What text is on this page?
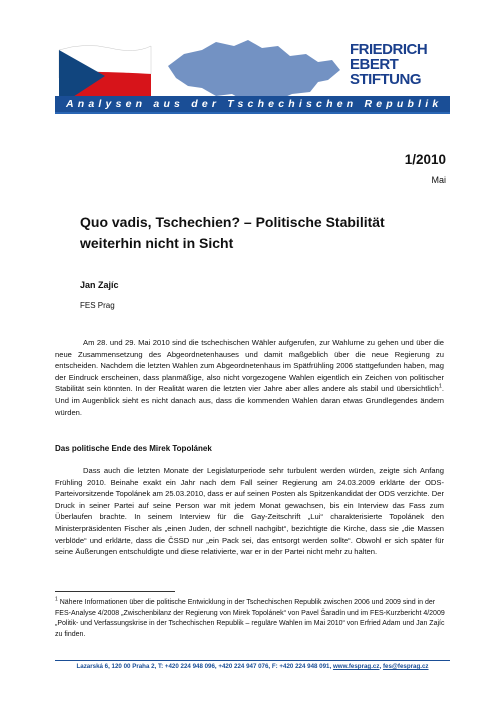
FRIEDRICH
EBERT
STIFTUNG
Analysen aus der Tschechischen Republik
1/2010
Mai
Quo vadis, Tschechien? – Politische Stabilität weiterhin nicht in Sicht
Jan Zajíc
FES Prag
Am 28. und 29. Mai 2010 sind die tschechischen Wähler aufgerufen, zur Wahlurne zu gehen und über die neue Zusammensetzung des Abgeordnetenhauses und damit maßgeblich über die neue Regierung zu entscheiden. Nachdem die letzten Wahlen zum Abgeordnetenhaus im Spätfrühling 2006 stattgefunden haben, mag der Eindruck erscheinen, dass planmäßige, also nicht vorgezogene Wahlen eigentlich ein Zeichen von politischer Stabilität sein könnten. In der Realität waren die letzten vier Jahre aber alles andere als stabil und übersichtlich$^1$. Und im Augenblick sieht es nicht danach aus, dass die kommenden Wahlen daran etwas Grundlegendes ändern würden.
Das politische Ende des Mirek Topolánek
Dass auch die letzten Monate der Legislaturperiode sehr turbulent werden würden, zeigte sich Anfang Frühling 2010. Beinahe exakt ein Jahr nach dem Fall seiner Regierung am 24.03.2009 erklärte der ODS-Parteivorsitzende Topolánek am 25.03.2010, dass er auf seinen Posten als Spitzenkandidat der ODS verzichte. Der Druck in seiner Partei auf seine Person war mit jedem Monat gewachsen, bis ein Interview das Fass zum Überlaufen brachte. In seinem Interview für die Gay-Zeitschrift „Lui“ charakterisierte Topolánek den Ministerpräsidenten Fischer als „einen Juden, der schnell nachgibt“, bezichtigte die Kirche, dass sie „die Massen verblöde“ und erklärte, dass die ČSSD nur „ein Pack sei, das entsorgt werden sollte“. Obwohl er sich später für seine Äußerungen entschuldigte und diese relativierte, war er in der Partei nicht mehr zu halten.
$^1$ Nähere Informationen über die politische Entwicklung in der Tschechischen Republik zwischen 2006 und 2009 sind in der FES-Analyse 4/2008 „Zwischenbilanz der Regierung von Mirek Topolánek“ von Pavel Šaradín und im FES-Kurzbericht 4/2009 „Politik- und Verfassungskrise in der Tschechischen Republik – reguläre Wahlen im Mai 2010“ von Erfried Adam und Jan Zajíc zu finden.
Lazarská 6, 120 00 Praha 2, T: +420 224 948 096, +420 224 947 076, F: +420 224 948 091, www.fesprag.cz, fes@fesprag.cz
